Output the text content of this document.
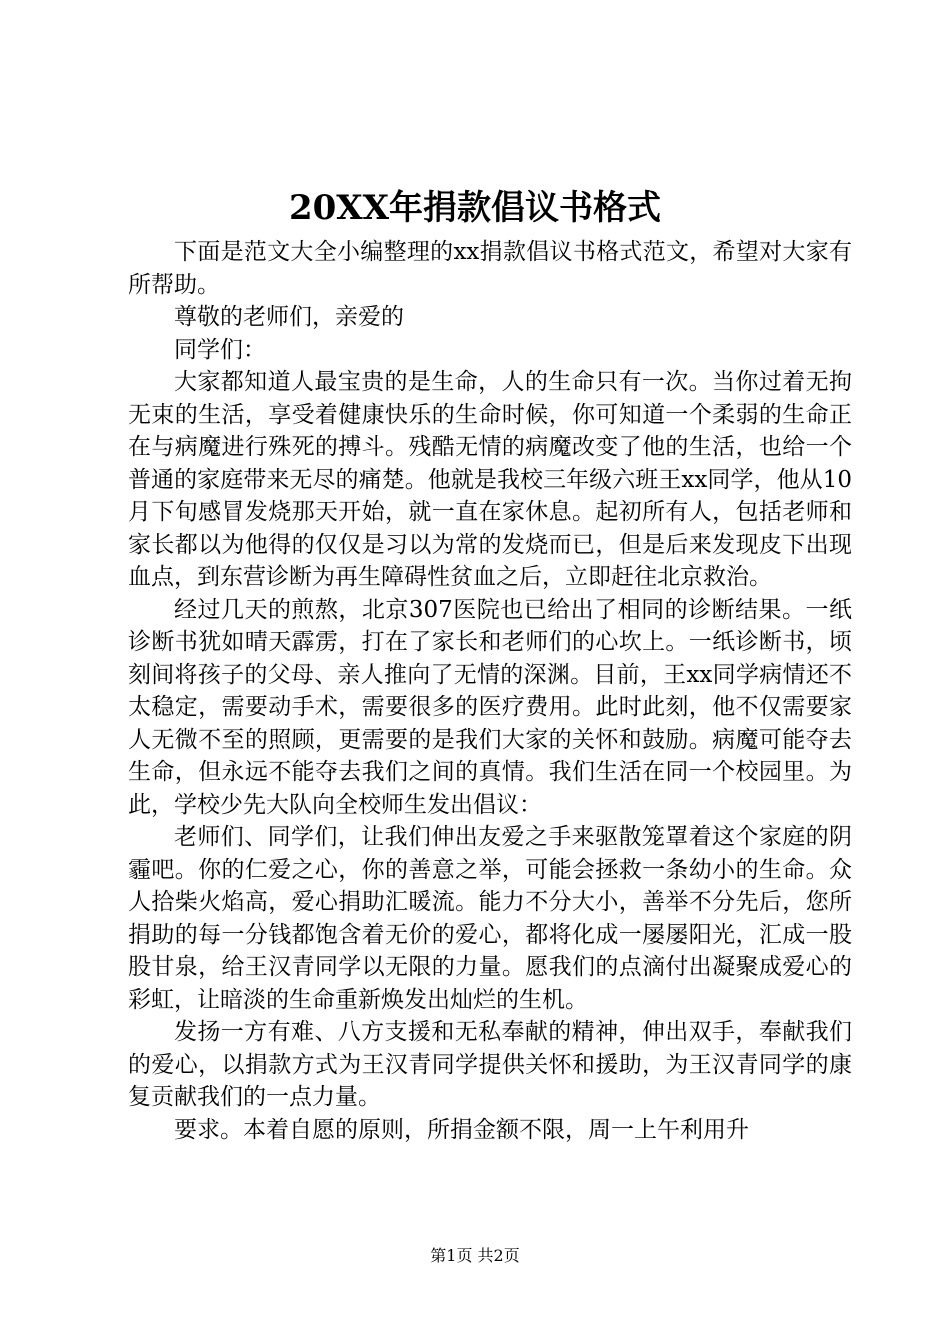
20XX年捐款倡议书格式

下面是范文大全小编整理的xx捐款倡议书格式范文，希望对大家有所帮助。

尊敬的老师们，亲爱的

同学们：

大家都知道人最宝贵的是生命，人的生命只有一次。当你过着无拘无束的生活，享受着健康快乐的生命时候，你可知道一个柔弱的生命正在与病魔进行殊死的搏斗。残酷无情的病魔改变了他的生活，也给一个普通的家庭带来无尽的痛楚。他就是我校三年级六班王xx同学，他从10月下旬感冒发烧那天开始，就一直在家休息。起初所有人，包括老师和家长都以为他得的仅仅是习以为常的发烧而已，但是后来发现皮下出现血点，到东营诊断为再生障碍性贫血之后，立即赶往北京救治。

经过几天的煎熬，北京307医院也已给出了相同的诊断结果。一纸诊断书犹如晴天霹雳，打在了家长和老师们的心坎上。一纸诊断书，顷刻间将孩子的父母、亲人推向了无情的深渊。目前，王xx同学病情还不太稳定，需要动手术，需要很多的医疗费用。此时此刻，他不仅需要家人无微不至的照顾，更需要的是我们大家的关怀和鼓励。病魔可能夺去生命，但永远不能夺去我们之间的真情。我们生活在同一个校园里。为此，学校少先大队向全校师生发出倡议：

老师们、同学们，让我们伸出友爱之手来驱散笼罩着这个家庭的阴霾吧。你的仁爱之心，你的善意之举，可能会拯救一条幼小的生命。众人拾柴火焰高，爱心捐助汇暖流。能力不分大小，善举不分先后，您所捐助的每一分钱都饱含着无价的爱心，都将化成一屡屡阳光，汇成一股股甘泉，给王汉青同学以无限的力量。愿我们的点滴付出凝聚成爱心的彩虹，让暗淡的生命重新焕发出灿烂的生机。

发扬一方有难、八方支援和无私奉献的精神，伸出双手，奉献我们的爱心，以捐款方式为王汉青同学提供关怀和援助，为王汉青同学的康复贡献我们的一点力量。

要求。本着自愿的原则，所捐金额不限，周一上午利用升

第1页 共2页
